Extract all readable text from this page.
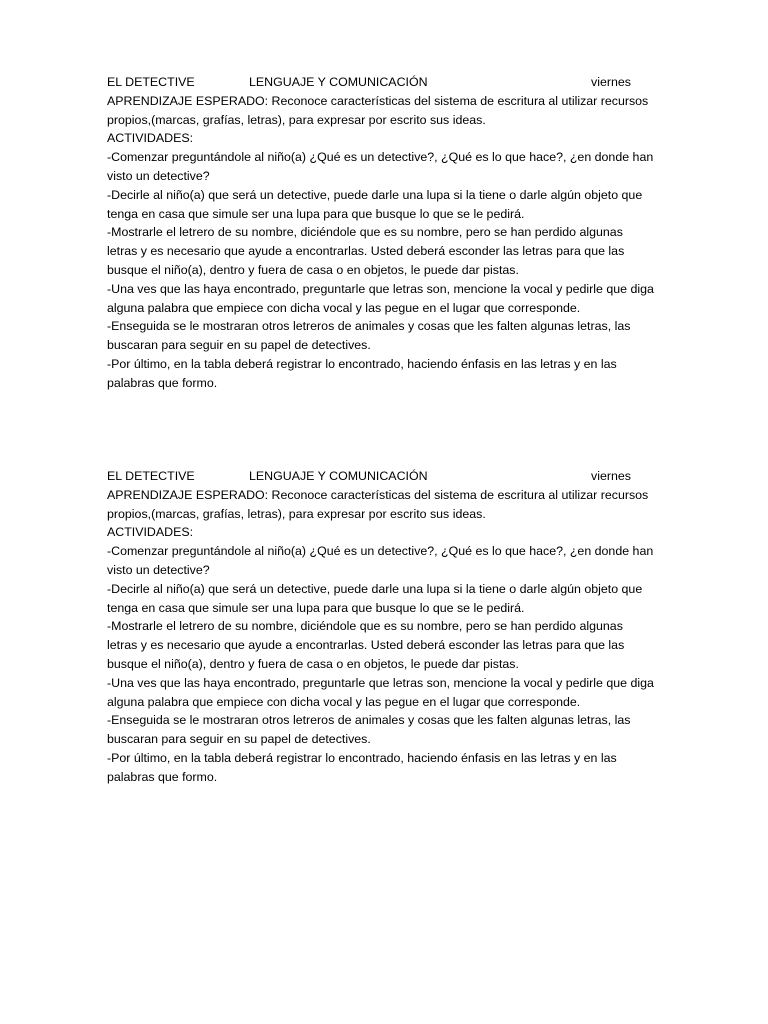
EL DETECTIVE	LENGUAJE Y COMUNICACIÓN	viernes
APRENDIZAJE ESPERADO: Reconoce características del sistema de escritura al utilizar recursos
propios,(marcas, grafías, letras), para expresar por escrito sus ideas.
ACTIVIDADES:
-Comenzar preguntándole al niño(a) ¿Qué es un detective?, ¿Qué es lo que hace?, ¿en donde han
visto un detective?
-Decirle al niño(a) que será un detective, puede darle una lupa si la tiene o darle algún objeto que
tenga en casa que simule ser una lupa para que busque lo que se le pedirá.
-Mostrarle el letrero de su nombre, diciéndole que es su nombre, pero se han perdido algunas
letras y es necesario que ayude a encontrarlas. Usted deberá esconder las letras para que las
busque el niño(a), dentro y fuera de casa o en objetos, le puede dar pistas.
-Una ves que las haya encontrado, preguntarle que letras son, mencione la vocal y pedirle que diga
alguna palabra que empiece con dicha vocal y las pegue en el lugar que corresponde.
-Enseguida se le mostraran otros letreros de animales y cosas que les falten algunas letras, las
buscaran para seguir en su papel de detectives.
-Por último, en la tabla deberá registrar lo encontrado, haciendo énfasis en las letras y en las
palabras que formo.
EL DETECTIVE	LENGUAJE Y COMUNICACIÓN	viernes
APRENDIZAJE ESPERADO: Reconoce características del sistema de escritura al utilizar recursos
propios,(marcas, grafías, letras), para expresar por escrito sus ideas.
ACTIVIDADES:
-Comenzar preguntándole al niño(a) ¿Qué es un detective?, ¿Qué es lo que hace?, ¿en donde han
visto un detective?
-Decirle al niño(a) que será un detective, puede darle una lupa si la tiene o darle algún objeto que
tenga en casa que simule ser una lupa para que busque lo que se le pedirá.
-Mostrarle el letrero de su nombre, diciéndole que es su nombre, pero se han perdido algunas
letras y es necesario que ayude a encontrarlas. Usted deberá esconder las letras para que las
busque el niño(a), dentro y fuera de casa o en objetos, le puede dar pistas.
-Una ves que las haya encontrado, preguntarle que letras son, mencione la vocal y pedirle que diga
alguna palabra que empiece con dicha vocal y las pegue en el lugar que corresponde.
-Enseguida se le mostraran otros letreros de animales y cosas que les falten algunas letras, las
buscaran para seguir en su papel de detectives.
-Por último, en la tabla deberá registrar lo encontrado, haciendo énfasis en las letras y en las
palabras que formo.
